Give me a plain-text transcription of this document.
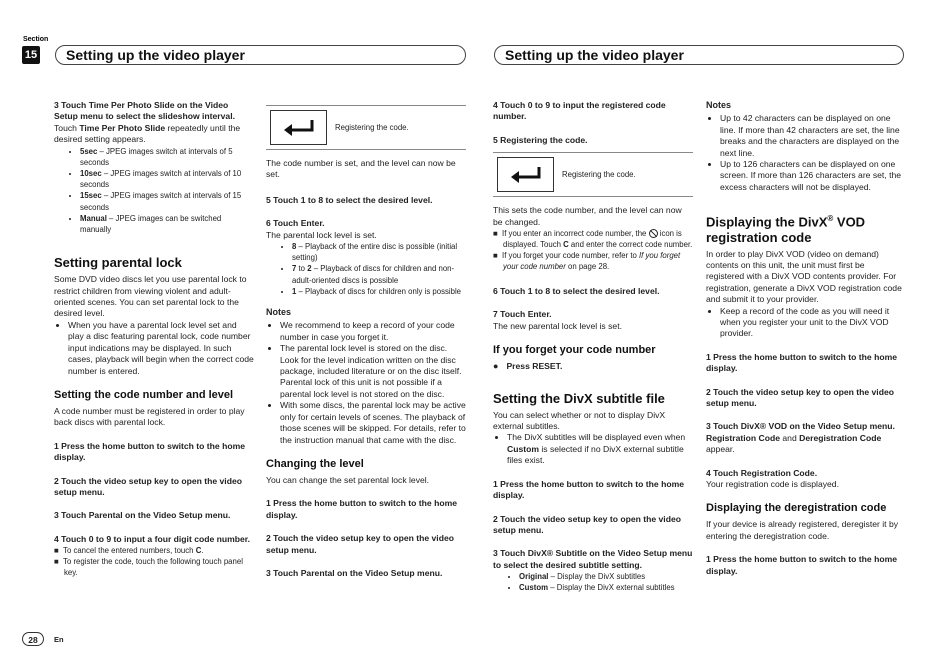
Section
15	Setting up the video player	Setting up the video player

3 Touch Time Per Photo Slide on the Video Setup menu to select the slideshow interval.

Touch Time Per Photo Slide repeatedly until the desired setting appears.

• 5sec – JPEG images switch at intervals of 5 seconds
• 10sec – JPEG images switch at intervals of 10 seconds
• 15sec – JPEG images switch at intervals of 15 seconds
• Manual – JPEG images can be switched manually
Setting parental lock

Some DVD video discs let you use parental lock to restrict children from viewing violent and adult-oriented scenes. You can set parental lock to the desired level.

• When you have a parental lock level set and play a disc featuring parental lock, code number input indications may be displayed. In such cases, playback will begin when the correct code number is entered.
Setting the code number and level

A code number must be registered in order to play back discs with parental lock.

1 Press the home button to switch to the home display.

2 Touch the video setup key to open the video setup menu.

3 Touch Parental on the Video Setup menu.

4 Touch 0 to 9 to input a four digit code number.

■  To cancel the entered numbers, touch C.

■  To register the code, touch the following touch panel key.

Registering the code.

The code number is set, and the level can now be set.

5 Touch 1 to 8 to select the desired level.

6 Touch Enter.

The parental lock level is set.

• 8 – Playback of the entire disc is possible (initial setting)
• 7 to 2 – Playback of discs for children and non-adult-oriented discs is possible
• 1 – Playback of discs for children only is possible
Notes
• We recommend to keep a record of your code number in case you forget it.
• The parental lock level is stored on the disc. Look for the level indication written on the disc package, included literature or on the disc itself. Parental lock of this unit is not possible if a parental lock level is not stored on the disc.
• With some discs, the parental lock may be active only for certain levels of scenes. The playback of those scenes will be skipped. For details, refer to the instruction manual that came with the disc.
Changing the level

You can change the set parental lock level.

1 Press the home button to switch to the home display.

2 Touch the video setup key to open the video setup menu.

3 Touch Parental on the Video Setup menu.

4 Touch 0 to 9 to input the registered code number.

5 Registering the code.

Registering the code.

This sets the code number, and the level can now be changed.

■  If you enter an incorrect code number, the
icon is displayed. Touch C and enter the correct code number.

■  If you forget your code number, refer to If you forget your code number on page 28.

6 Touch 1 to 8 to select the desired level.

7 Touch Enter.

The new parental lock level is set.

If you forget your code number
● Press RESET.
Setting the DivX subtitle file

You can select whether or not to display DivX external subtitles.

• The DivX subtitles will be displayed even when Custom is selected if no DivX external subtitle files exist.

1 Press the home button to switch to the home display.

2 Touch the video setup key to open the video setup menu.

3 Touch DivX® Subtitle on the Video Setup menu to select the desired subtitle setting.

• Original – Display the DivX subtitles
• Custom – Display the DivX external subtitles
Notes
• Up to 42 characters can be displayed on one line. If more than 42 characters are set, the line breaks and the characters are displayed on the next line.
• Up to 126 characters can be displayed on one screen. If more than 126 characters are set, the excess characters will not be displayed.
Displaying the DivX® VOD registration code

In order to play DivX VOD (video on demand) contents on this unit, the unit must first be registered with a DivX VOD contents provider. For registration, generate a DivX VOD registration code and submit it to your provider.

• Keep a record of the code as you will need it when you register your unit to the DivX VOD provider.

1 Press the home button to switch to the home display.

2 Touch the video setup key to open the video setup menu.

3 Touch DivX® VOD on the Video Setup menu.

Registration Code and Deregistration Code appear.

4 Touch Registration Code.

Your registration code is displayed.

Displaying the deregistration code

If your device is already registered, deregister it by entering the deregistration code.

1 Press the home button to switch to the home display.

28	En
